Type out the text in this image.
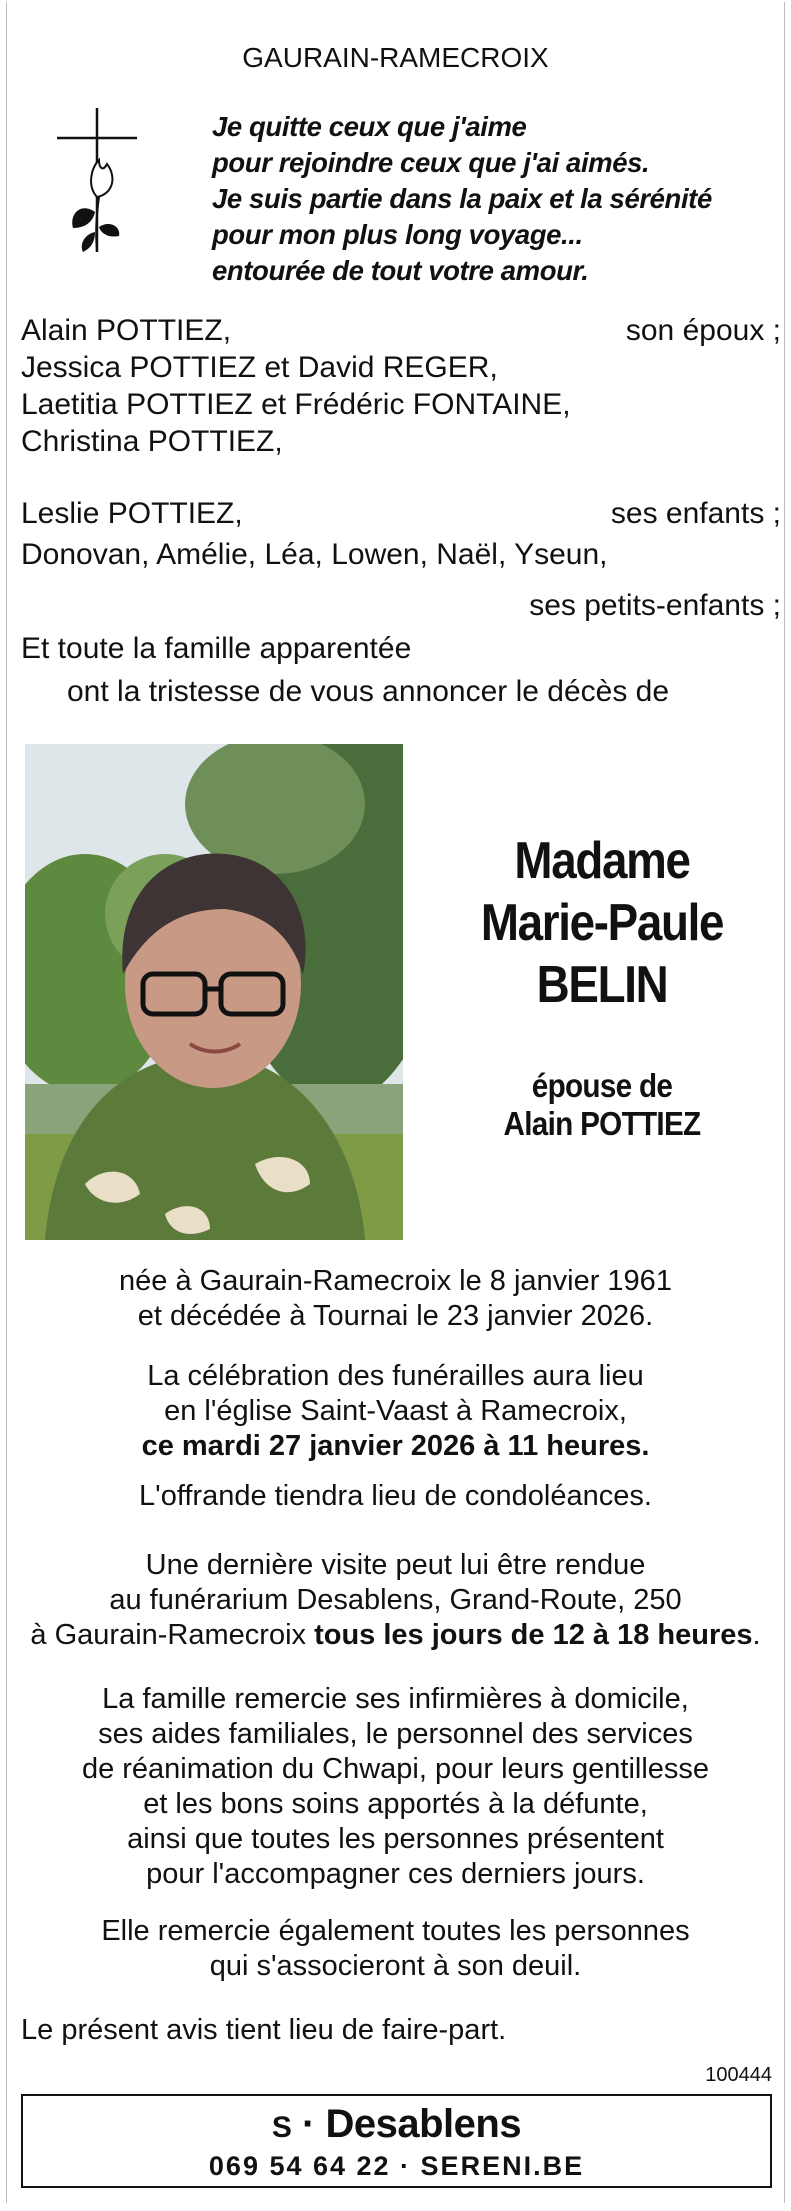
GAURAIN-RAMECROIX
Je quitte ceux que j'aime
pour rejoindre ceux que j'ai aimés.
Je suis partie dans la paix et la sérénité
pour mon plus long voyage...
entourée de tout votre amour.
Alain POTTIEZ,	son époux ;
Jessica POTTIEZ et David REGER,
Laetitia POTTIEZ et Frédéric FONTAINE,
Christina POTTIEZ,
Leslie POTTIEZ,	ses enfants ;
Donovan, Amélie, Léa, Lowen, Naël, Yseun,
ses petits-enfants ;
Et toute la famille apparentée
ont la tristesse de vous annoncer le décès de
Madame
Marie-Paule
BELIN
épouse de
Alain POTTIEZ
née à Gaurain-Ramecroix le 8 janvier 1961
et décédée à Tournai le 23 janvier 2026.
La célébration des funérailles aura lieu
en l'église Saint-Vaast à Ramecroix,
ce mardi 27 janvier 2026 à 11 heures.
L'offrande tiendra lieu de condoléances.
Une dernière visite peut lui être rendue
au funérarium Desablens, Grand-Route, 250
à Gaurain-Ramecroix tous les jours de 12 à 18 heures.
La famille remercie ses infirmières à domicile,
ses aides familiales, le personnel des services
de réanimation du Chwapi, pour leurs gentillesse
et les bons soins apportés à la défunte,
ainsi que toutes les personnes présentent
pour l'accompagner ces derniers jours.
Elle remercie également toutes les personnes
qui s'associeront à son deuil.
Le présent avis tient lieu de faire-part.
100444
S · Desablens
069 54 64 22 · SERENI.BE
